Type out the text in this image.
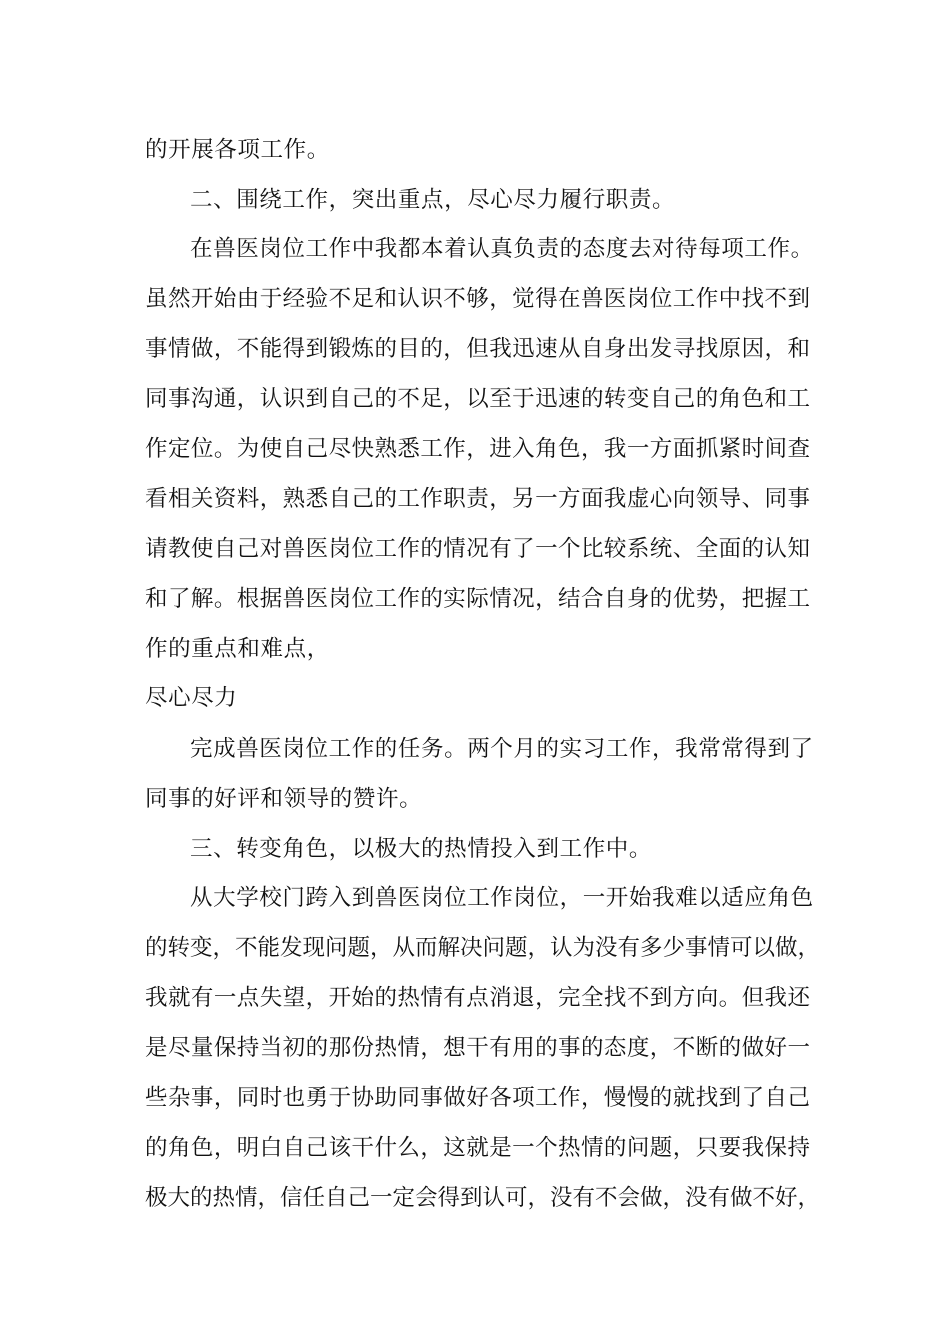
的开展各项工作。
二、围绕工作，突出重点，尽心尽力履行职责。
在兽医岗位工作中我都本着认真负责的态度去对待每项工作。
虽然开始由于经验不足和认识不够，觉得在兽医岗位工作中找不到
事情做，不能得到锻炼的目的，但我迅速从自身出发寻找原因，和
同事沟通，认识到自己的不足，以至于迅速的转变自己的角色和工
作定位。为使自己尽快熟悉工作，进入角色，我一方面抓紧时间查
看相关资料，熟悉自己的工作职责，另一方面我虚心向领导、同事
请教使自己对兽医岗位工作的情况有了一个比较系统、全面的认知
和了解。根据兽医岗位工作的实际情况，结合自身的优势，把握工
作的重点和难点，
尽心尽力
完成兽医岗位工作的任务。两个月的实习工作，我常常得到了
同事的好评和领导的赞许。
三、转变角色，以极大的热情投入到工作中。
从大学校门跨入到兽医岗位工作岗位，一开始我难以适应角色
的转变，不能发现问题，从而解决问题，认为没有多少事情可以做，
我就有一点失望，开始的热情有点消退，完全找不到方向。但我还
是尽量保持当初的那份热情，想干有用的事的态度，不断的做好一
些杂事，同时也勇于协助同事做好各项工作，慢慢的就找到了自己
的角色，明白自己该干什么，这就是一个热情的问题，只要我保持
极大的热情，信任自己一定会得到认可，没有不会做，没有做不好，
